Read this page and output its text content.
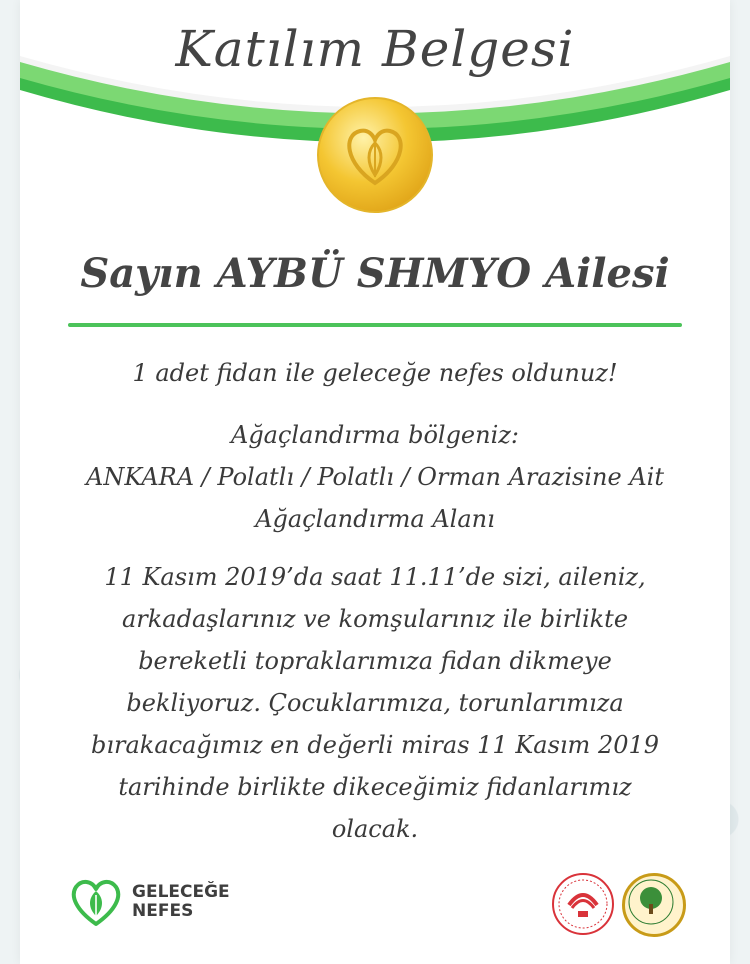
Katılım Belgesi
Sayın AYBÜ SHMYO Ailesi
1 adet fidan ile geleceğe nefes oldunuz!
Ağaçlandırma bölgeniz:
ANKARA / Polatlı / Polatlı / Orman Arazisine Ait Ağaçlandırma Alanı
11 Kasım 2019’da saat 11.11’de sizi, aileniz, arkadaşlarınız ve komşularınız ile birlikte bereketli topraklarımıza fidan dikmeye bekliyoruz. Çocuklarımıza, torunlarımıza bırakacağımız en değerli miras 11 Kasım 2019 tarihinde birlikte dikeceğimiz fidanlarımız olacak.
GELECEĞE
NEFES
